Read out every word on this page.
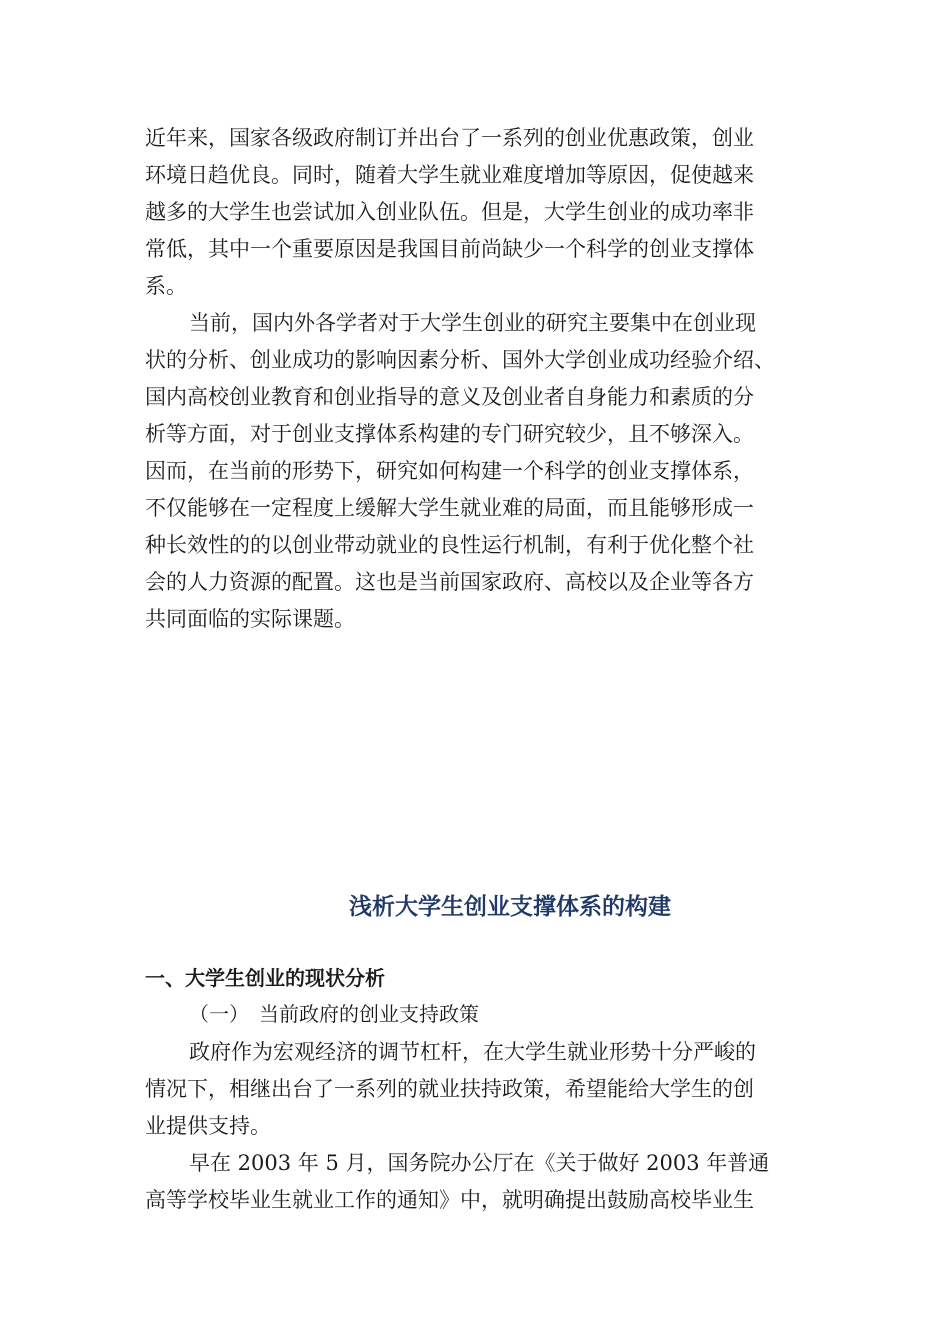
近年来，国家各级政府制订并出台了一系列的创业优惠政策，创业
环境日趋优良。同时，随着大学生就业难度增加等原因，促使越来
越多的大学生也尝试加入创业队伍。但是，大学生创业的成功率非
常低，其中一个重要原因是我国目前尚缺少一个科学的创业支撑体
系。
当前，国内外各学者对于大学生创业的研究主要集中在创业现
状的分析、创业成功的影响因素分析、国外大学创业成功经验介绍、
国内高校创业教育和创业指导的意义及创业者自身能力和素质的分
析等方面，对于创业支撑体系构建的专门研究较少，且不够深入。
因而，在当前的形势下，研究如何构建一个科学的创业支撑体系，
不仅能够在一定程度上缓解大学生就业难的局面，而且能够形成一
种长效性的的以创业带动就业的良性运行机制，有利于优化整个社
会的人力资源的配置。这也是当前国家政府、高校以及企业等各方
共同面临的实际课题。
浅析大学生创业支撑体系的构建
一、大学生创业的现状分析
（一）　当前政府的创业支持政策
政府作为宏观经济的调节杠杆，在大学生就业形势十分严峻的
情况下，相继出台了一系列的就业扶持政策，希望能给大学生的创
业提供支持。
早在 2003 年 5 月，国务院办公厅在《关于做好 2003 年普通
高等学校毕业生就业工作的通知》中，就明确提出鼓励高校毕业生
